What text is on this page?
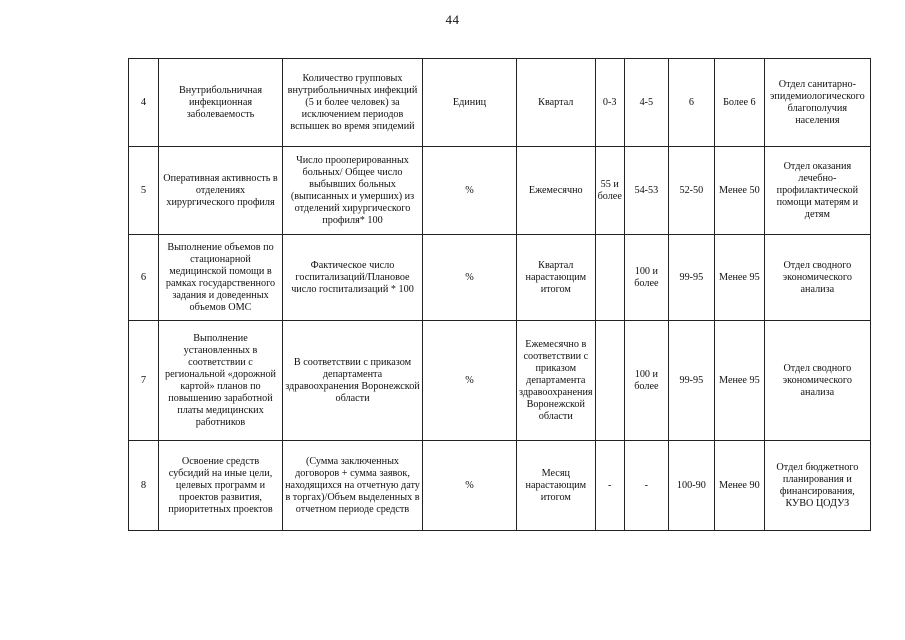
44
4	Внутрибольничная инфекционная заболеваемость	Количество групповых внутрибольничных инфекций (5 и более человек) за исключением периодов вспышек во время эпидемий	Единиц	Квартал	0-3	4-5	6	Более 6	Отдел санитарно-эпидемиологического благополучия населения
5	Оперативная активность в отделениях хирургического профиля	Число прооперированных больных/ Общее число выбывших больных (выписанных и умерших) из отделений хирургического профиля* 100	%	Ежемесячно	55 и более	54-53	52-50	Менее 50	Отдел оказания лечебно-профилактической помощи матерям и детям
6	Выполнение объемов по стационарной медицинской помощи в рамках государственного задания и доведенных объемов ОМС	Фактическое число госпитализаций/Плановое число госпитализаций * 100	%	Квартал нарастающим итогом		100 и более	99-95	Менее 95	Отдел сводного экономического анализа
7	Выполнение установленных в соответствии с региональной «дорожной картой» планов по повышению заработной платы медицинских работников	В соответствии с приказом департамента здравоохранения Воронежской области	%	Ежемесячно в соответствии с приказом департамента здравоохранения Воронежской области		100 и более	99-95	Менее 95	Отдел сводного экономического анализа
8	Освоение средств субсидий на иные цели, целевых программ и проектов развития, приоритетных проектов	(Сумма заключенных договоров + сумма заявок, находящихся на отчетную дату в торгах)/Объем выделенных в отчетном периоде средств	%	Месяц нарастающим итогом	-	-	100-90	Менее 90	Отдел бюджетного планирования и финансирования, КУВО ЦОДУЗ
